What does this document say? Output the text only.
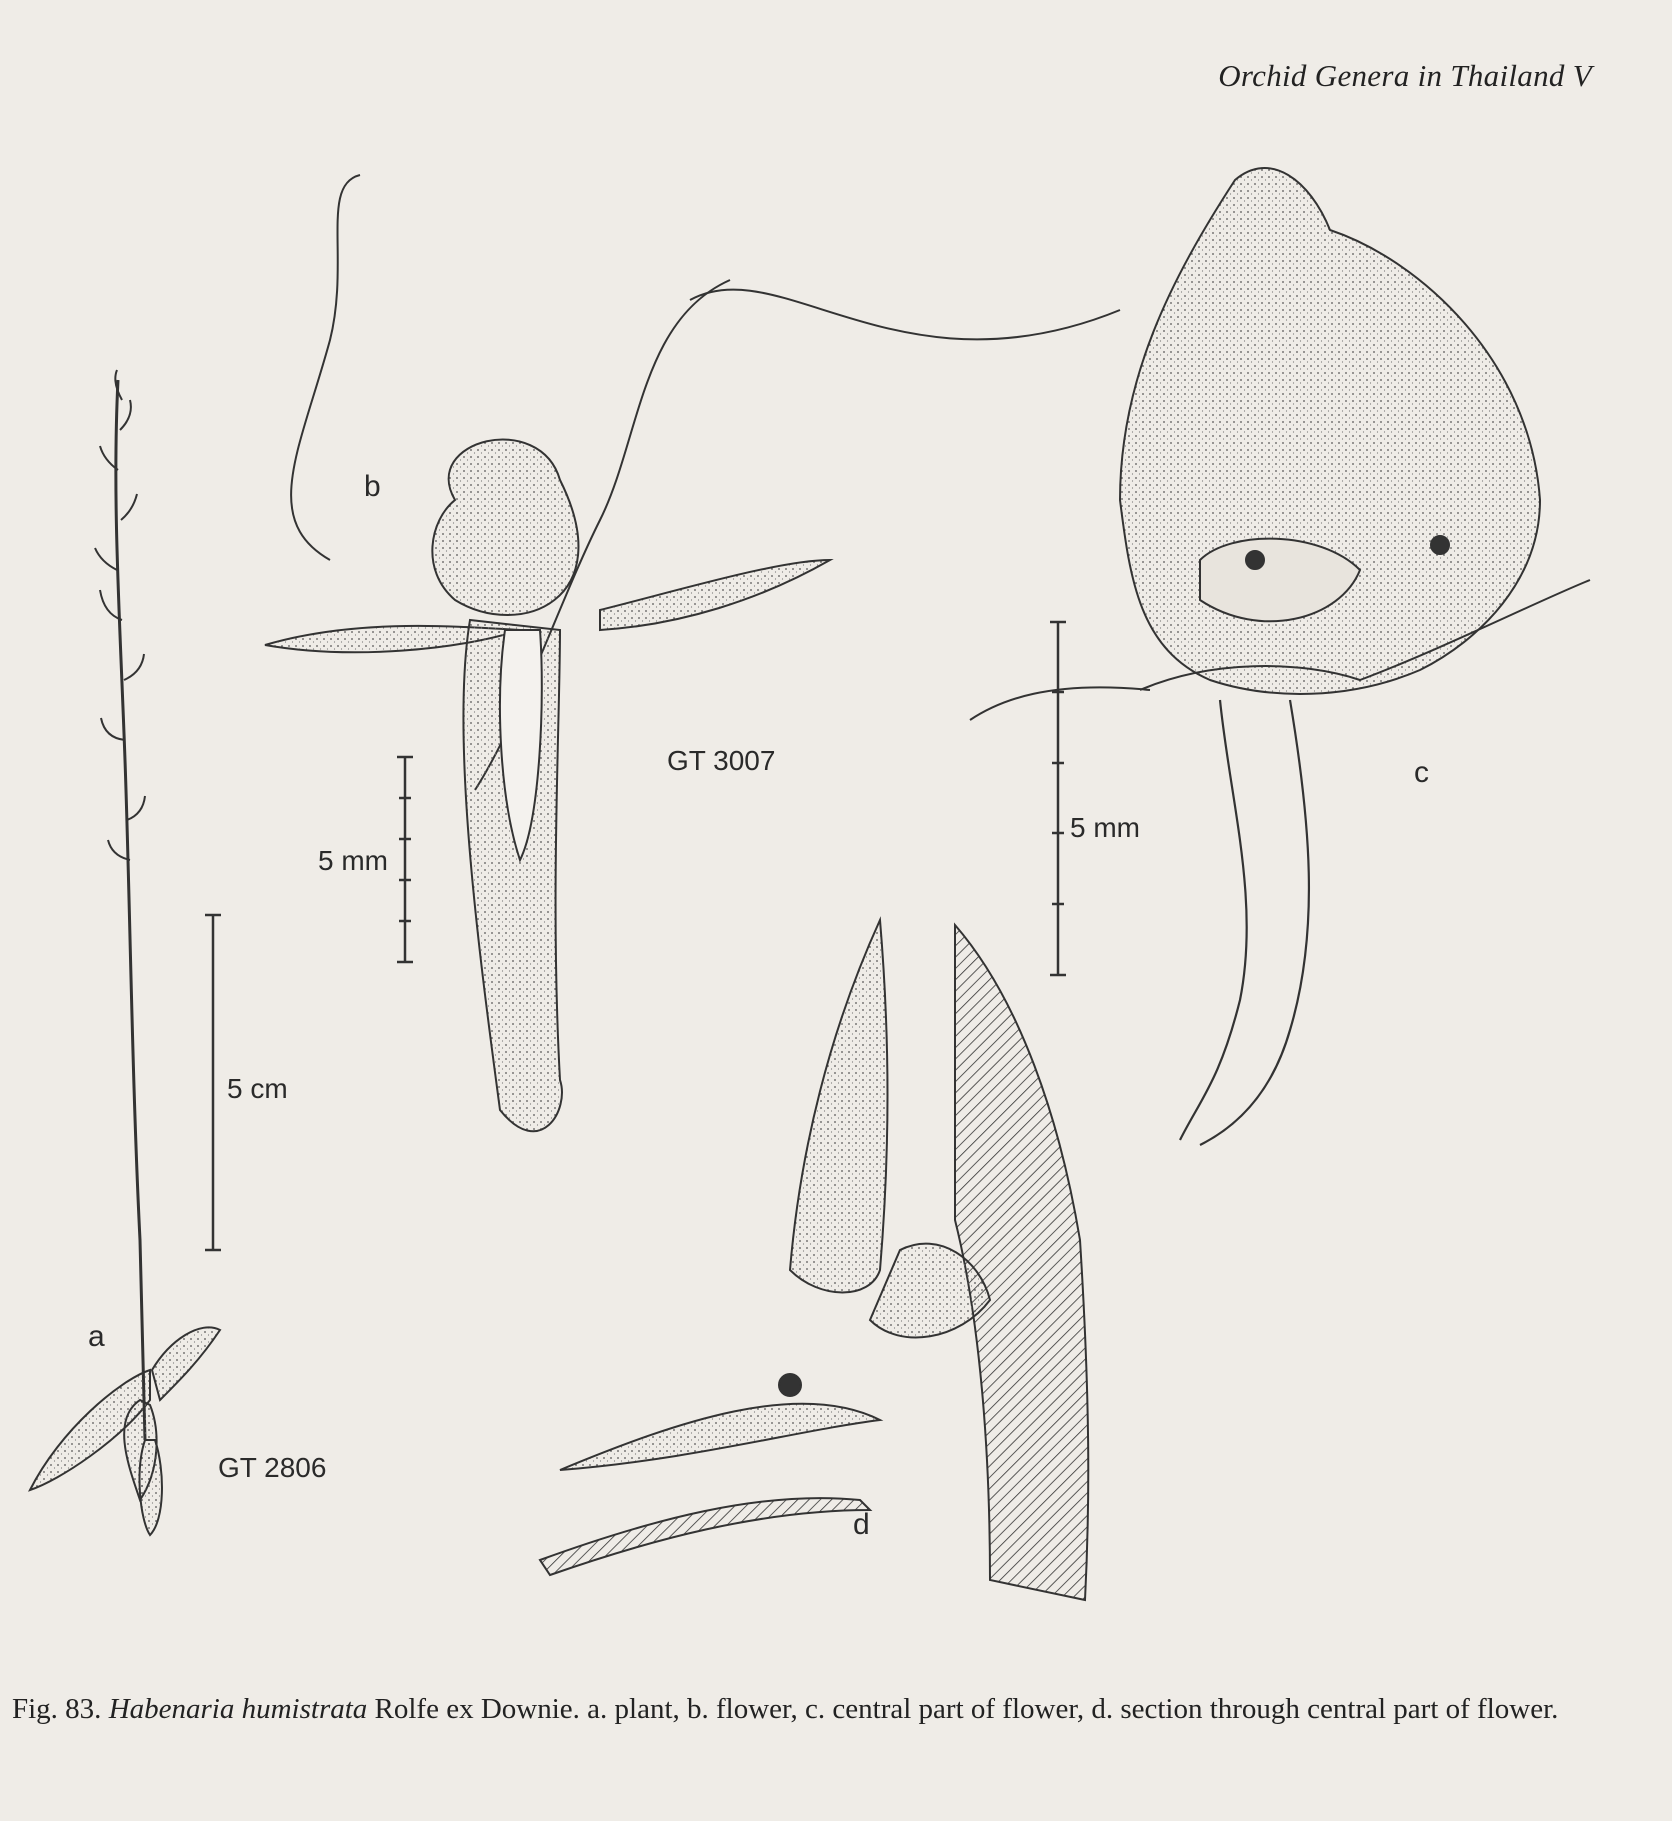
Orchid Genera in Thailand V
a
b
c
d
GT 3007
GT 2806
5 mm
5 mm
5 cm
Fig. 83. Habenaria humistrata Rolfe ex Downie. a. plant, b. flower, c. central part of flower, d. section through central part of flower.
